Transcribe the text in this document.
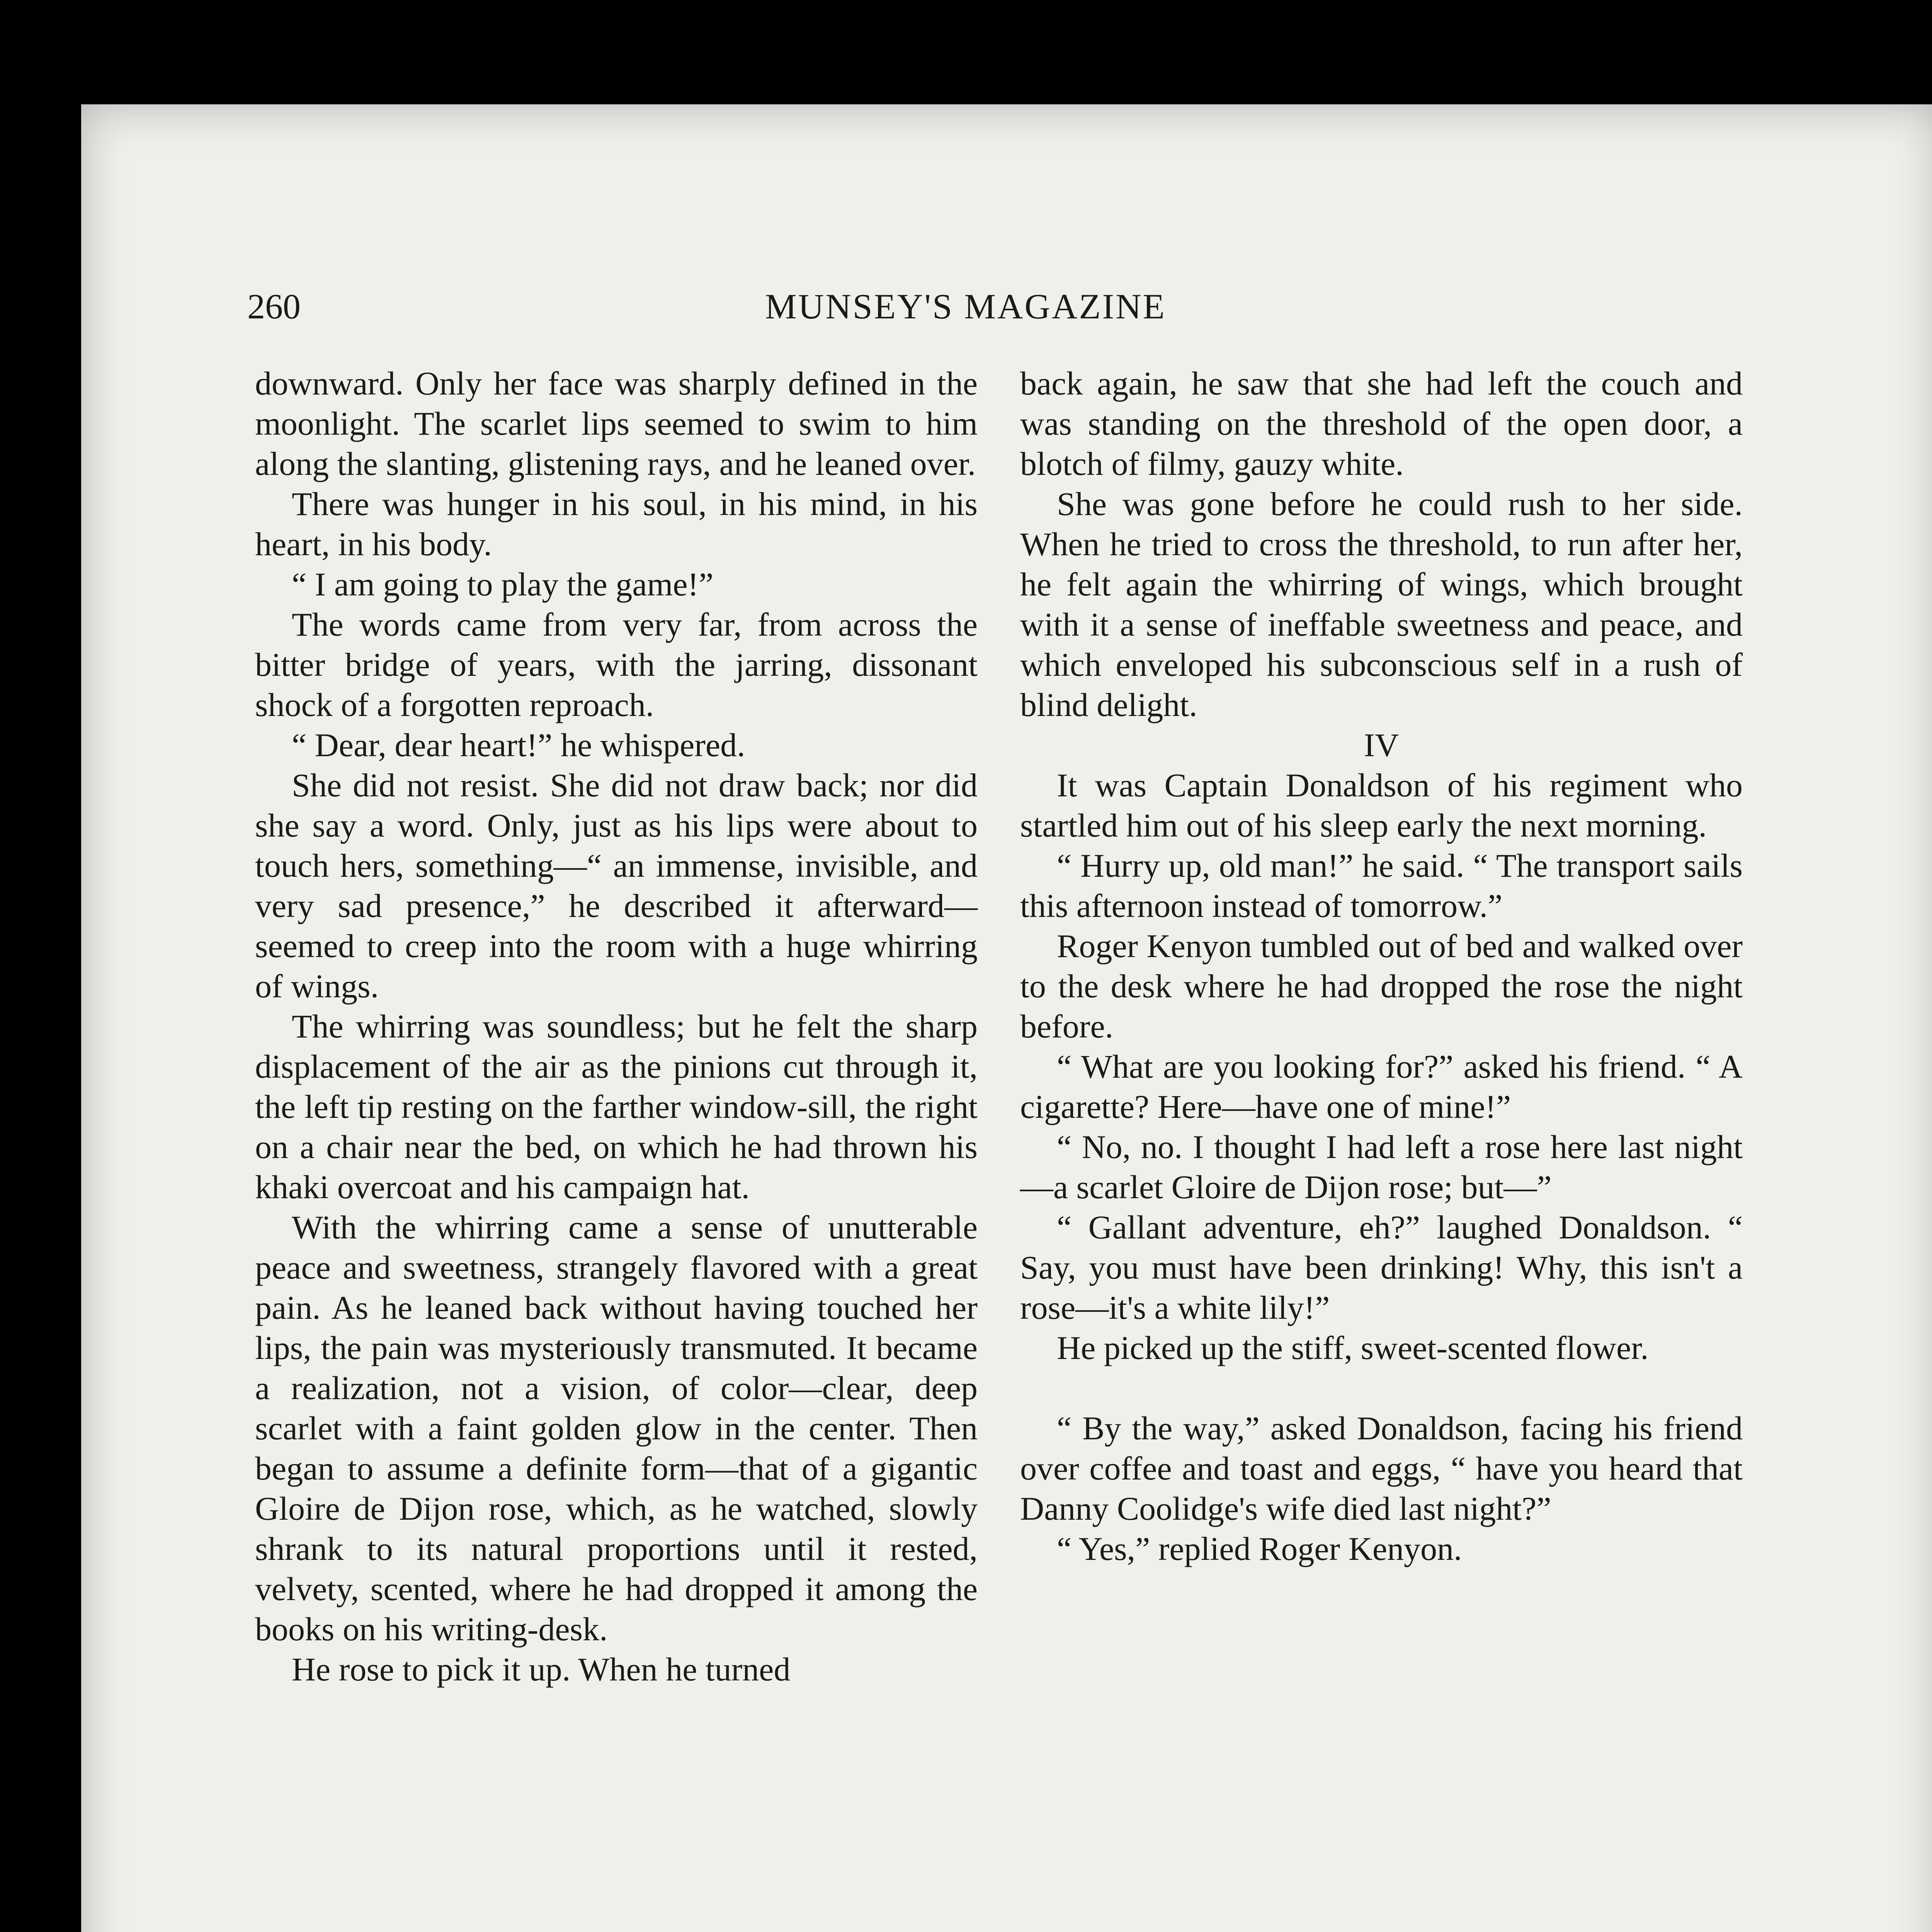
260	MUNSEY'S MAGAZINE

downward. Only her face was sharply defined in the moonlight. The scarlet lips seemed to swim to him along the slanting, glistening rays, and he leaned over.

There was hunger in his soul, in his mind, in his heart, in his body.

“ I am going to play the game!”

The words came from very far, from across the bitter bridge of years, with the jarring, dissonant shock of a forgotten reproach.

“ Dear, dear heart!” he whispered.

She did not resist. She did not draw back; nor did she say a word. Only, just as his lips were about to touch hers, something—“ an immense, invisible, and very sad presence,” he described it afterward—seemed to creep into the room with a huge whirring of wings.

The whirring was soundless; but he felt the sharp displacement of the air as the pinions cut through it, the left tip resting on the farther window-sill, the right on a chair near the bed, on which he had thrown his khaki overcoat and his campaign hat.

With the whirring came a sense of unutterable peace and sweetness, strangely flavored with a great pain. As he leaned back without having touched her lips, the pain was mysteriously transmuted. It became a realization, not a vision, of color—clear, deep scarlet with a faint golden glow in the center. Then began to assume a definite form—that of a gigantic Gloire de Dijon rose, which, as he watched, slowly shrank to its natural proportions until it rested, velvety, scented, where he had dropped it among the books on his writing-desk.

He rose to pick it up. When he turned

back again, he saw that she had left the couch and was standing on the threshold of the open door, a blotch of filmy, gauzy white.

She was gone before he could rush to her side. When he tried to cross the threshold, to run after her, he felt again the whirring of wings, which brought with it a sense of ineffable sweetness and peace, and which enveloped his subconscious self in a rush of blind delight.

IV

It was Captain Donaldson of his regiment who startled him out of his sleep early the next morning.

“ Hurry up, old man!” he said. “ The transport sails this afternoon instead of tomorrow.”

Roger Kenyon tumbled out of bed and walked over to the desk where he had dropped the rose the night before.

“ What are you looking for?” asked his friend. “ A cigarette? Here—have one of mine!”

“ No, no. I thought I had left a rose here last night—a scarlet Gloire de Dijon rose; but—”

“ Gallant adventure, eh?” laughed Donaldson. “ Say, you must have been drinking! Why, this isn't a rose—it's a white lily!”

He picked up the stiff, sweet-scented flower.

“ By the way,” asked Donaldson, facing his friend over coffee and toast and eggs, “ have you heard that Danny Coolidge's wife died last night?”

“ Yes,” replied Roger Kenyon.
